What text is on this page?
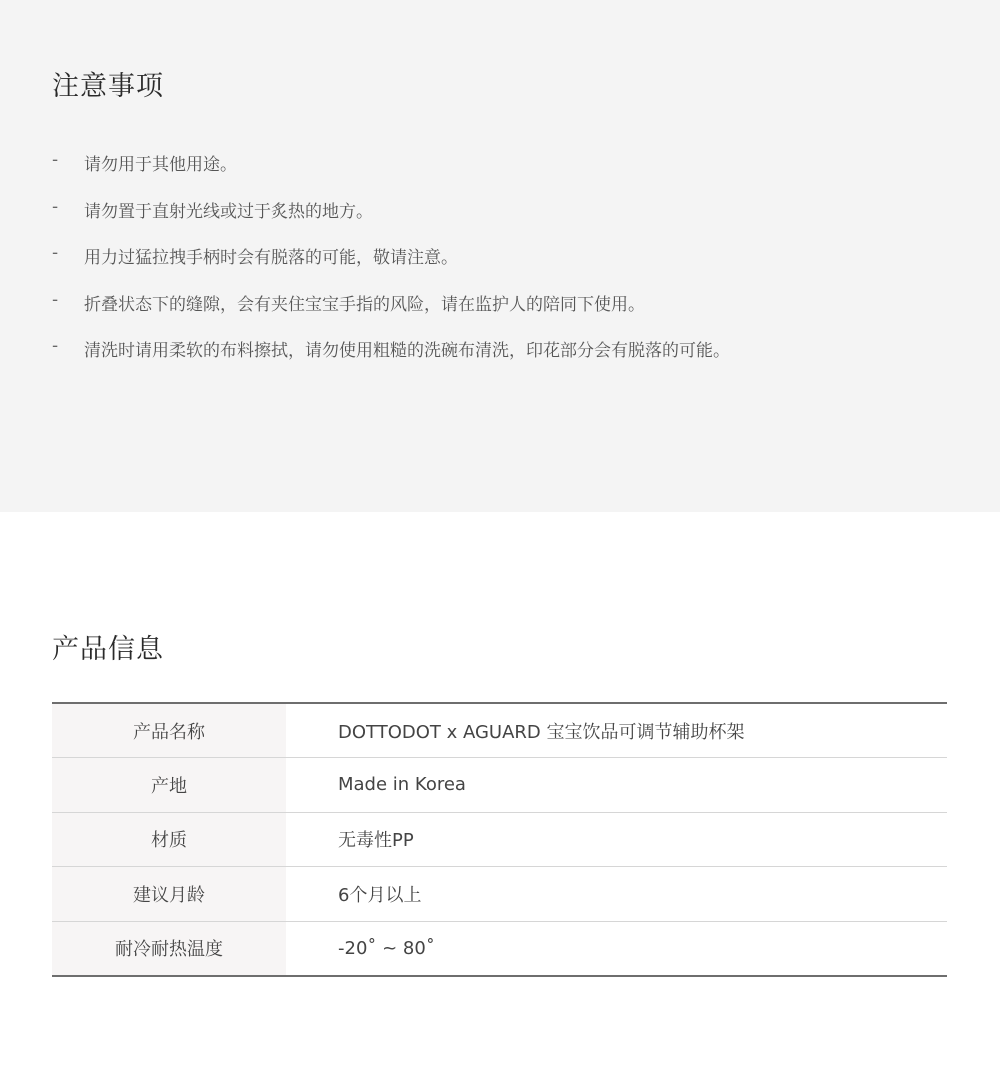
注意事项
-	请勿用于其他用途。
-	请勿置于直射光线或过于炙热的地方。
-	用力过猛拉拽手柄时会有脱落的可能，敬请注意。
-	折叠状态下的缝隙，会有夹住宝宝手指的风险，请在监护人的陪同下使用。
-	清洗时请用柔软的布料擦拭，请勿使用粗糙的洗碗布清洗，印花部分会有脱落的可能。
产品信息
产品名称	DOTTODOT x AGUARD 宝宝饮品可调节辅助杯架
产地	Made in Korea
材质	无毒性PP
建议月龄	6个月以上
耐冷耐热温度	-20˚ ~ 80˚
